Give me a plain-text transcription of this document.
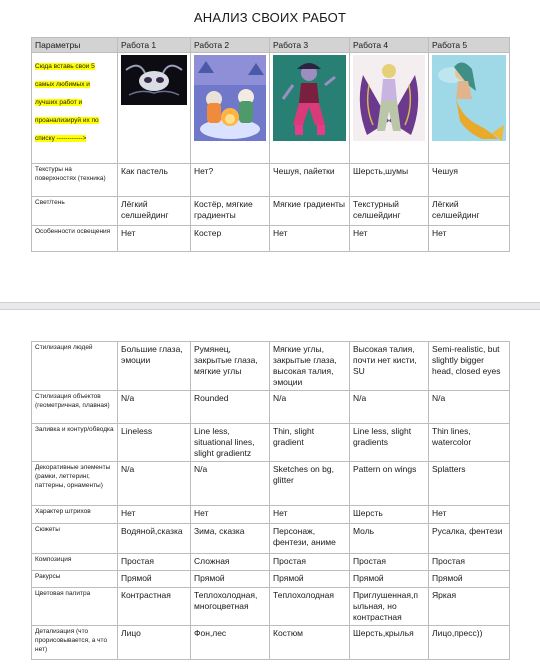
АНАЛИЗ СВОИХ РАБОТ
Параметры	Работа 1	Работа 2	Работа 3	Работа 4	Работа 5
Сюда вставь свои 5 самых любимых и лучших работ и проанализируй их по списку ------------>	

Текстуры на поверхностях (техника)	Как пастель	Нет?	Чешуя, пайетки	Шерсть,шумы	Чешуя
Свет/тень	Лёгкий селшейдинг	Костёр, мягкие градиенты	Мягкие градиенты	Текстурный селшейдинг	Лёгкий селшейдинг
Особенности освещения	Нет	Костер	Нет	Нет	Нет
Стилизация людей	Большие глаза, эмоции	Румянец, закрытые глаза, мягкие углы	Мягкие углы, закрытые глаза, высокая талия, эмоции	Высокая талия, почти нет кисти, SU	Semi-realistic, but slightly bigger head, closed eyes
Стилизация объектов (геометричная, плавная)	N/a	Rounded	N/a	N/a	N/a
Заливка и контур/обводка	Lineless	Line less, situational lines, slight gradientz	Thin, slight gradient	Line less, slight gradients	Thin lines, watercolor
Декоративные элементы (рамки, леттеринг, паттерны, орнаменты)	N/a	N/a	Sketches on bg, glitter	Pattern on wings	Splatters
Характер штрихов	Нет	Нет	Нет	Шерсть	Нет
Сюжеты	Водяной,сказка	Зима, сказка	Персонаж, фентези, аниме	Моль	Русалка, фентези
Композиция	Простая	Сложная	Простая	Простая	Простая
Ракурсы	Прямой	Прямой	Прямой	Прямой	Прямой
Цветовая палитра	Контрастная	Теплохолодная, многоцветная	Теплохолодная	Приглушенная,п ыльная, но контрастная	Яркая
Детализация (что прорисовывается, а что нет)	Лицо	Фон,лес	Костюм	Шерсть,крылья	Лицо,пресс))
